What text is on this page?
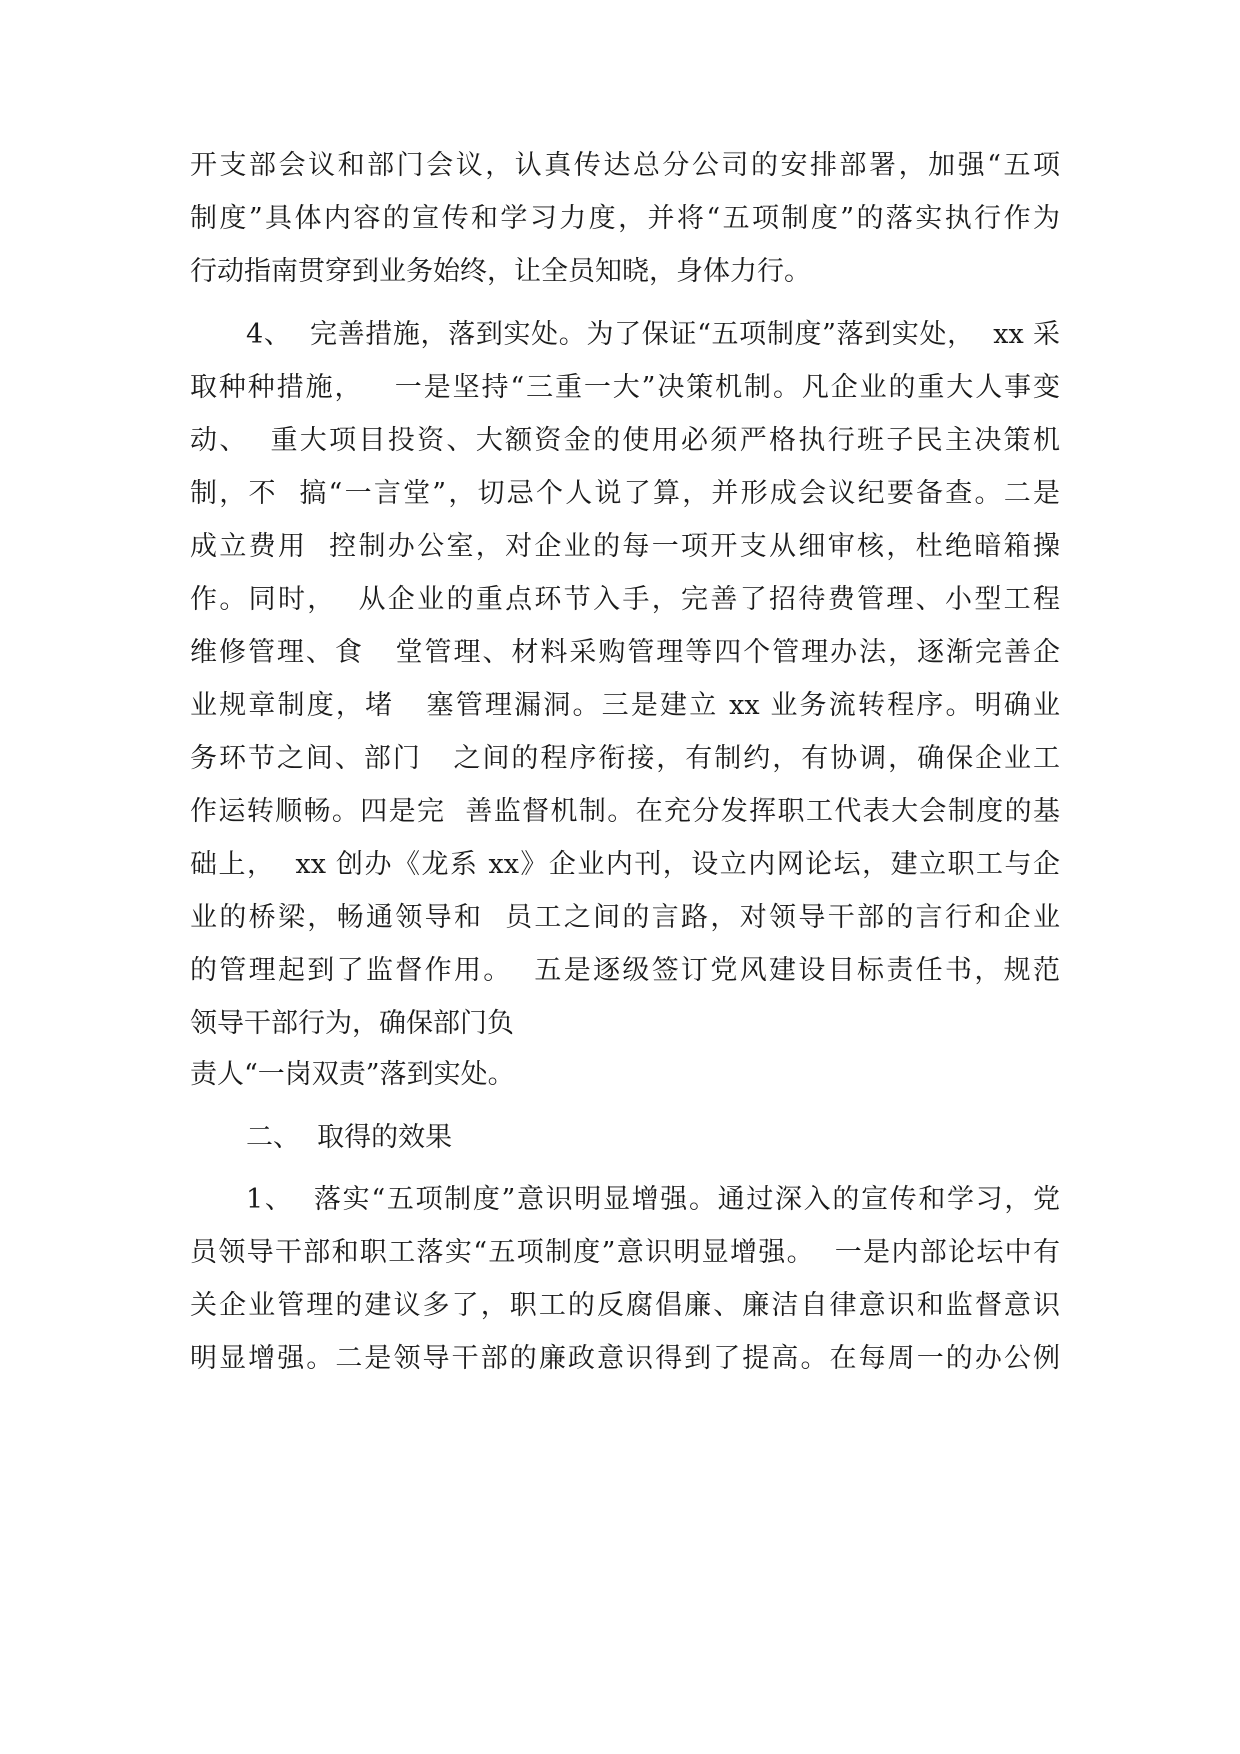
开支部会议和部门会议，认真传达总分公司的安排部署，加强“五项
制度”具体内容的宣传和学习力度，并将“五项制度”的落实执行作为
行动指南贯穿到业务始终，让全员知晓，身体力行。
4、  完善措施，落到实处。为了保证“五项制度”落到实处，  xx 采
取种种措施，   一是坚持“三重一大”决策机制。凡企业的重大人事变
动、  重大项目投资、大额资金的使用必须严格执行班子民主决策机
制，不  搞“一言堂”，切忌个人说了算，并形成会议纪要备查。二是
成立费用  控制办公室，对企业的每一项开支从细审核，杜绝暗箱操
作。同时，  从企业的重点环节入手，完善了招待费管理、小型工程
维修管理、食   堂管理、材料采购管理等四个管理办法，逐渐完善企
业规章制度，堵   塞管理漏洞。三是建立 xx 业务流转程序。明确业
务环节之间、部门   之间的程序衔接，有制约，有协调，确保企业工
作运转顺畅。四是完  善监督机制。在充分发挥职工代表大会制度的基
础上，  xx 创办《龙系 xx》企业内刊，设立内网论坛，建立职工与企
业的桥梁，畅通领导和  员工之间的言路，对领导干部的言行和企业
的管理起到了监督作用。  五是逐级签订党风建设目标责任书，规范
领导干部行为，确保部门负
责人“一岗双责”落到实处。
二、  取得的效果
1、  落实“五项制度”意识明显增强。通过深入的宣传和学习，党
员领导干部和职工落实“五项制度”意识明显增强。  一是内部论坛中有
关企业管理的建议多了，职工的反腐倡廉、廉洁自律意识和监督意识
明显增强。二是领导干部的廉政意识得到了提高。在每周一的办公例
